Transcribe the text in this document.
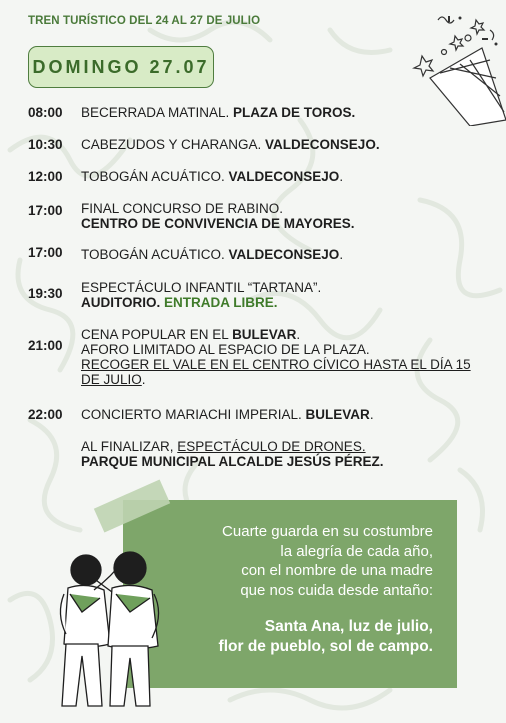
TREN TURÍSTICO DEL 24 AL 27 DE JULIO
DOMINGO 27.07
08:00	BECERRADA MATINAL. PLAZA DE TOROS.
10:30	CABEZUDOS Y CHARANGA. VALDECONSEJO.
12:00	TOBOGÁN ACUÁTICO. VALDECONSEJO.
17:00	FINAL CONCURSO DE RABINO.
CENTRO DE CONVIVENCIA DE MAYORES.
17:00	TOBOGÁN ACUÁTICO. VALDECONSEJO.
19:30	ESPECTÁCULO INFANTIL “TARTANA”.
AUDITORIO. ENTRADA LIBRE.
21:00
CENA POPULAR EN EL BULEVAR.
AFORO LIMITADO AL ESPACIO DE LA PLAZA.
RECOGER EL VALE EN EL CENTRO CÍVICO HASTA EL DÍA 15 DE JULIO.
22:00	CONCIERTO MARIACHI IMPERIAL. BULEVAR.
AL FINALIZAR, ESPECTÁCULO DE DRONES.
PARQUE MUNICIPAL ALCALDE JESÚS PÉREZ.
Cuarte guarda en su costumbre
la alegría de cada año,
con el nombre de una madre
que nos cuida desde antaño:
Santa Ana, luz de julio,
flor de pueblo, sol de campo.
